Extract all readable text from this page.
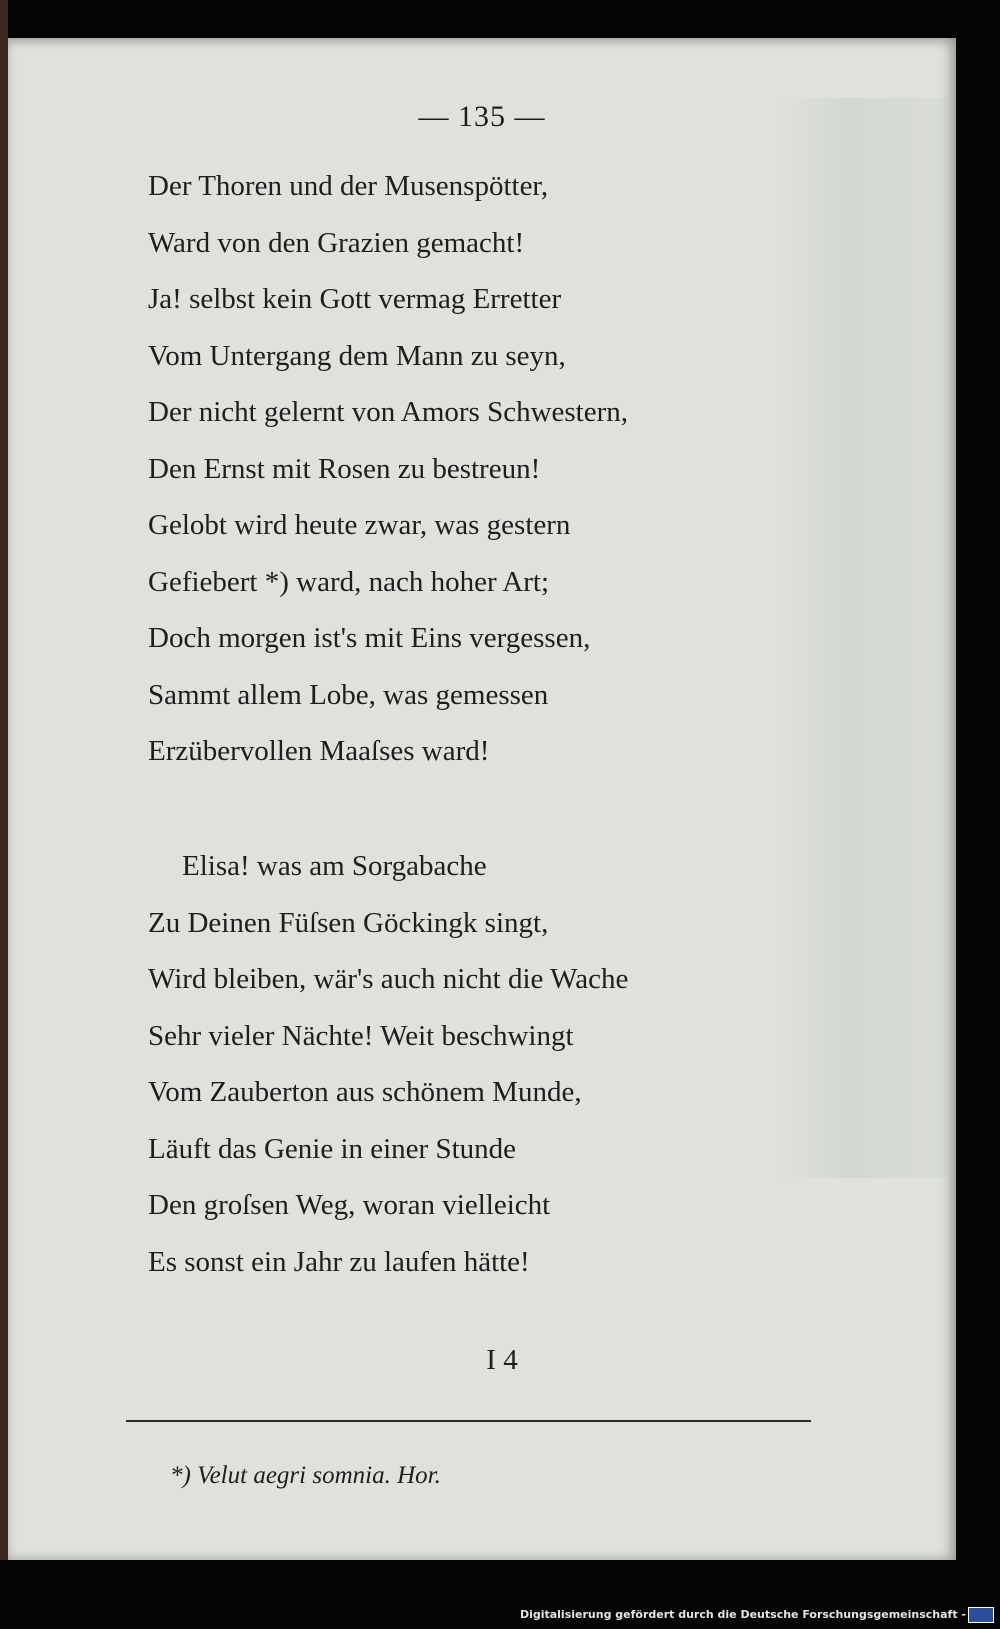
— 135 —
Der Thoren und der Musenspötter,
Ward von den Grazien gemacht!
Ja! selbst kein Gott vermag Erretter
Vom Untergang dem Mann zu seyn,
Der nicht gelernt von Amors Schwestern,
Den Ernst mit Rosen zu bestreun!
Gelobt wird heute zwar, was gestern
Gefiebert *) ward, nach hoher Art;
Doch morgen ist's mit Eins vergessen,
Sammt allem Lobe, was gemessen
Erzübervollen Maaſses ward!
Elisa! was am Sorgabache
Zu Deinen Füſsen Göckingk singt,
Wird bleiben, wär's auch nicht die Wache
Sehr vieler Nächte! Weit beschwingt
Vom Zauberton aus schönem Munde,
Läuft das Genie in einer Stunde
Den groſsen Weg, woran vielleicht
Es sonst ein Jahr zu laufen hätte!
I 4
*) Velut aegri somnia. Hor.
Digitalisierung gefördert durch die Deutsche Forschungsgemeinschaft -
